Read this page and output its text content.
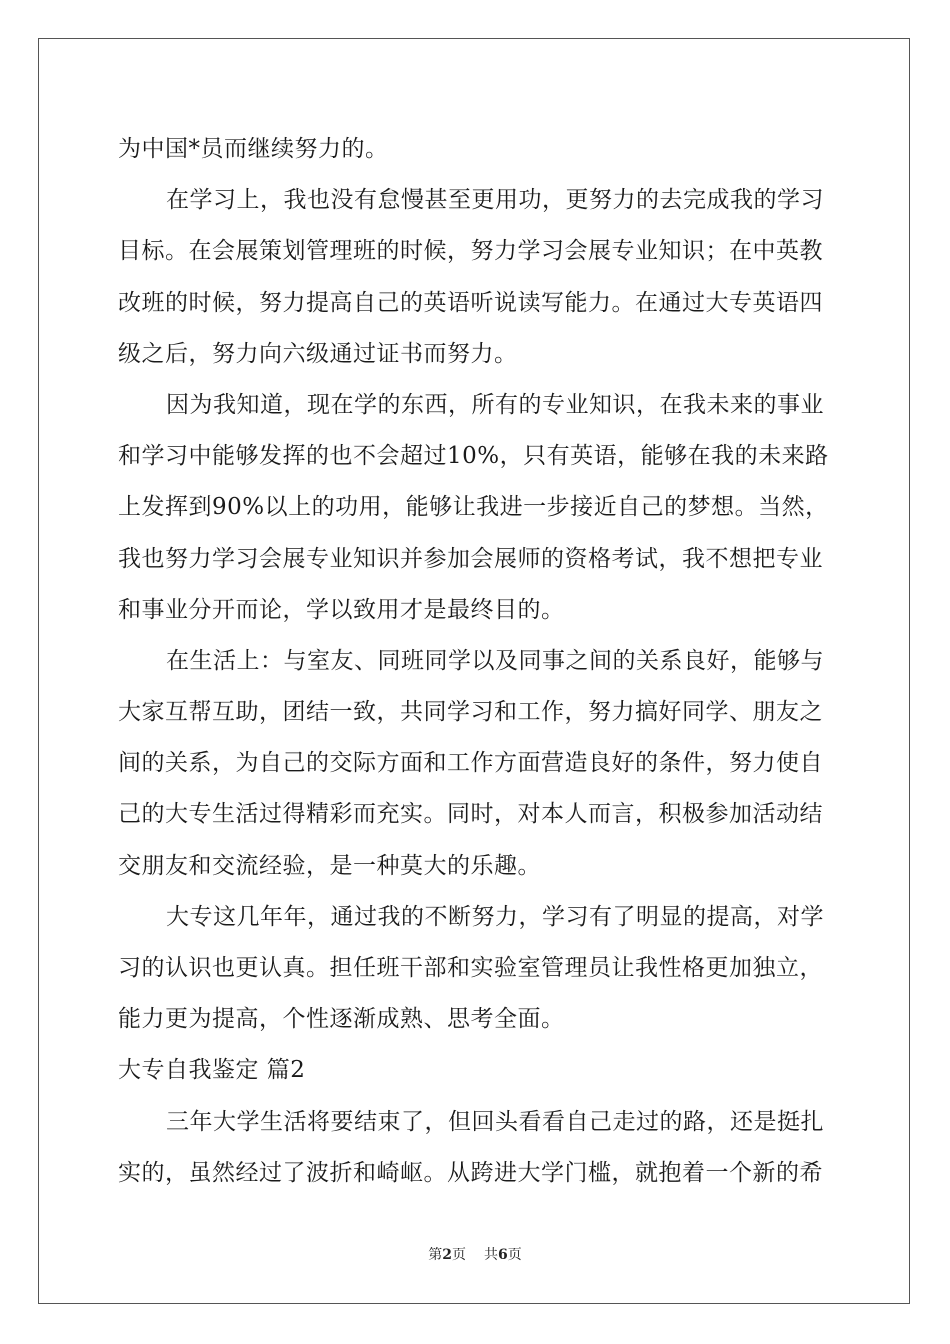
为中国*员而继续努力的。
在学习上，我也没有怠慢甚至更用功，更努力的去完成我的学习
目标。在会展策划管理班的时候，努力学习会展专业知识；在中英教
改班的时候，努力提高自己的英语听说读写能力。在通过大专英语四
级之后，努力向六级通过证书而努力。
因为我知道，现在学的东西，所有的专业知识，在我未来的事业
和学习中能够发挥的也不会超过10%，只有英语，能够在我的未来路
上发挥到90%以上的功用，能够让我进一步接近自己的梦想。当然，
我也努力学习会展专业知识并参加会展师的资格考试，我不想把专业
和事业分开而论，学以致用才是最终目的。
在生活上：与室友、同班同学以及同事之间的关系良好，能够与
大家互帮互助，团结一致，共同学习和工作，努力搞好同学、朋友之
间的关系，为自己的交际方面和工作方面营造良好的条件，努力使自
己的大专生活过得精彩而充实。同时，对本人而言，积极参加活动结
交朋友和交流经验，是一种莫大的乐趣。
大专这几年年，通过我的不断努力，学习有了明显的提高，对学
习的认识也更认真。担任班干部和实验室管理员让我性格更加独立，
能力更为提高，个性逐渐成熟、思考全面。
大专自我鉴定 篇2
三年大学生活将要结束了，但回头看看自己走过的路，还是挺扎
实的，虽然经过了波折和崎岖。从跨进大学门槛，就抱着一个新的希
第2页 共6页
